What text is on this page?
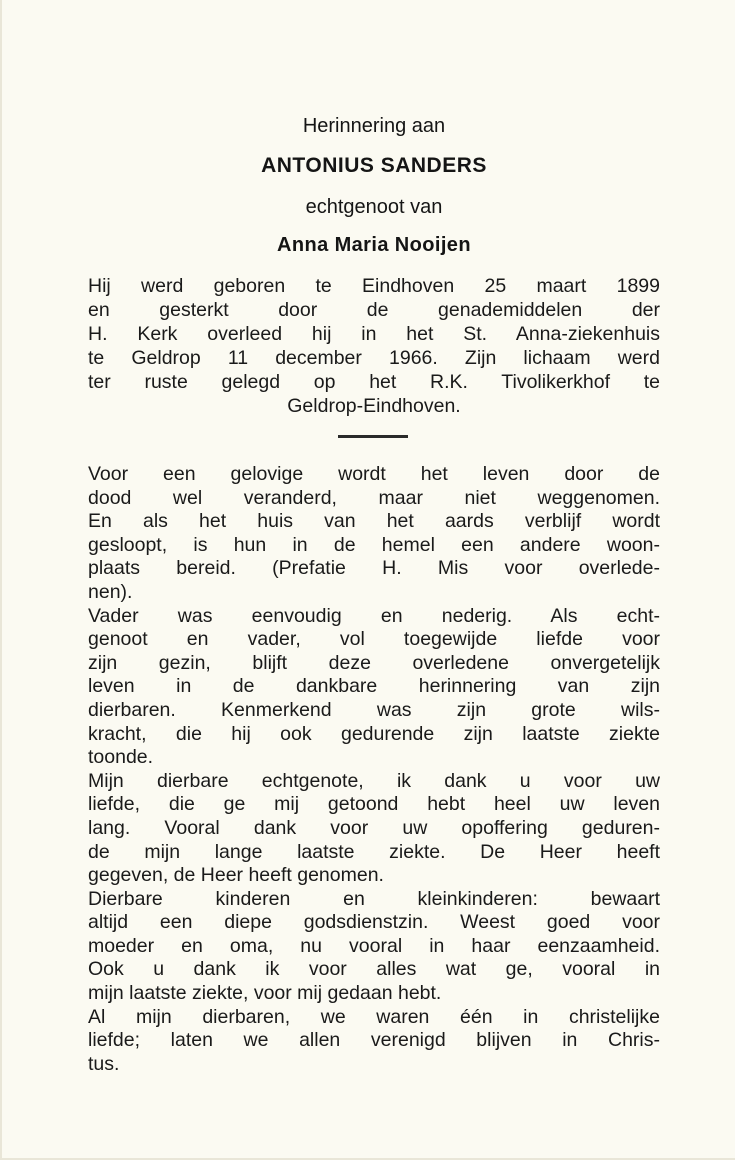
Herinnering aan
ANTONIUS SANDERS
echtgenoot van
Anna Maria Nooijen
Hij werd geboren te Eindhoven 25 maart 1899
en gesterkt door de genademiddelen der
H. Kerk overleed hij in het St. Anna-ziekenhuis
te Geldrop 11 december 1966. Zijn lichaam werd
ter ruste gelegd op het R.K. Tivolikerkhof te
Geldrop-Eindhoven.
Voor een gelovige wordt het leven door de
dood wel veranderd, maar niet weggenomen.
En als het huis van het aards verblijf wordt
gesloopt, is hun in de hemel een andere woon-
plaats bereid. (Prefatie H. Mis voor overlede-
nen).
Vader was eenvoudig en nederig. Als echt-
genoot en vader, vol toegewijde liefde voor
zijn gezin, blijft deze overledene onvergetelijk
leven in de dankbare herinnering van zijn
dierbaren. Kenmerkend was zijn grote wils-
kracht, die hij ook gedurende zijn laatste ziekte
toonde.
Mijn dierbare echtgenote, ik dank u voor uw
liefde, die ge mij getoond hebt heel uw leven
lang. Vooral dank voor uw opoffering geduren-
de mijn lange laatste ziekte. De Heer heeft
gegeven, de Heer heeft genomen.
Dierbare kinderen en kleinkinderen: bewaart
altijd een diepe godsdienstzin. Weest goed voor
moeder en oma, nu vooral in haar eenzaamheid.
Ook u dank ik voor alles wat ge, vooral in
mijn laatste ziekte, voor mij gedaan hebt.
Al mijn dierbaren, we waren één in christelijke
liefde; laten we allen verenigd blijven in Chris-
tus.
